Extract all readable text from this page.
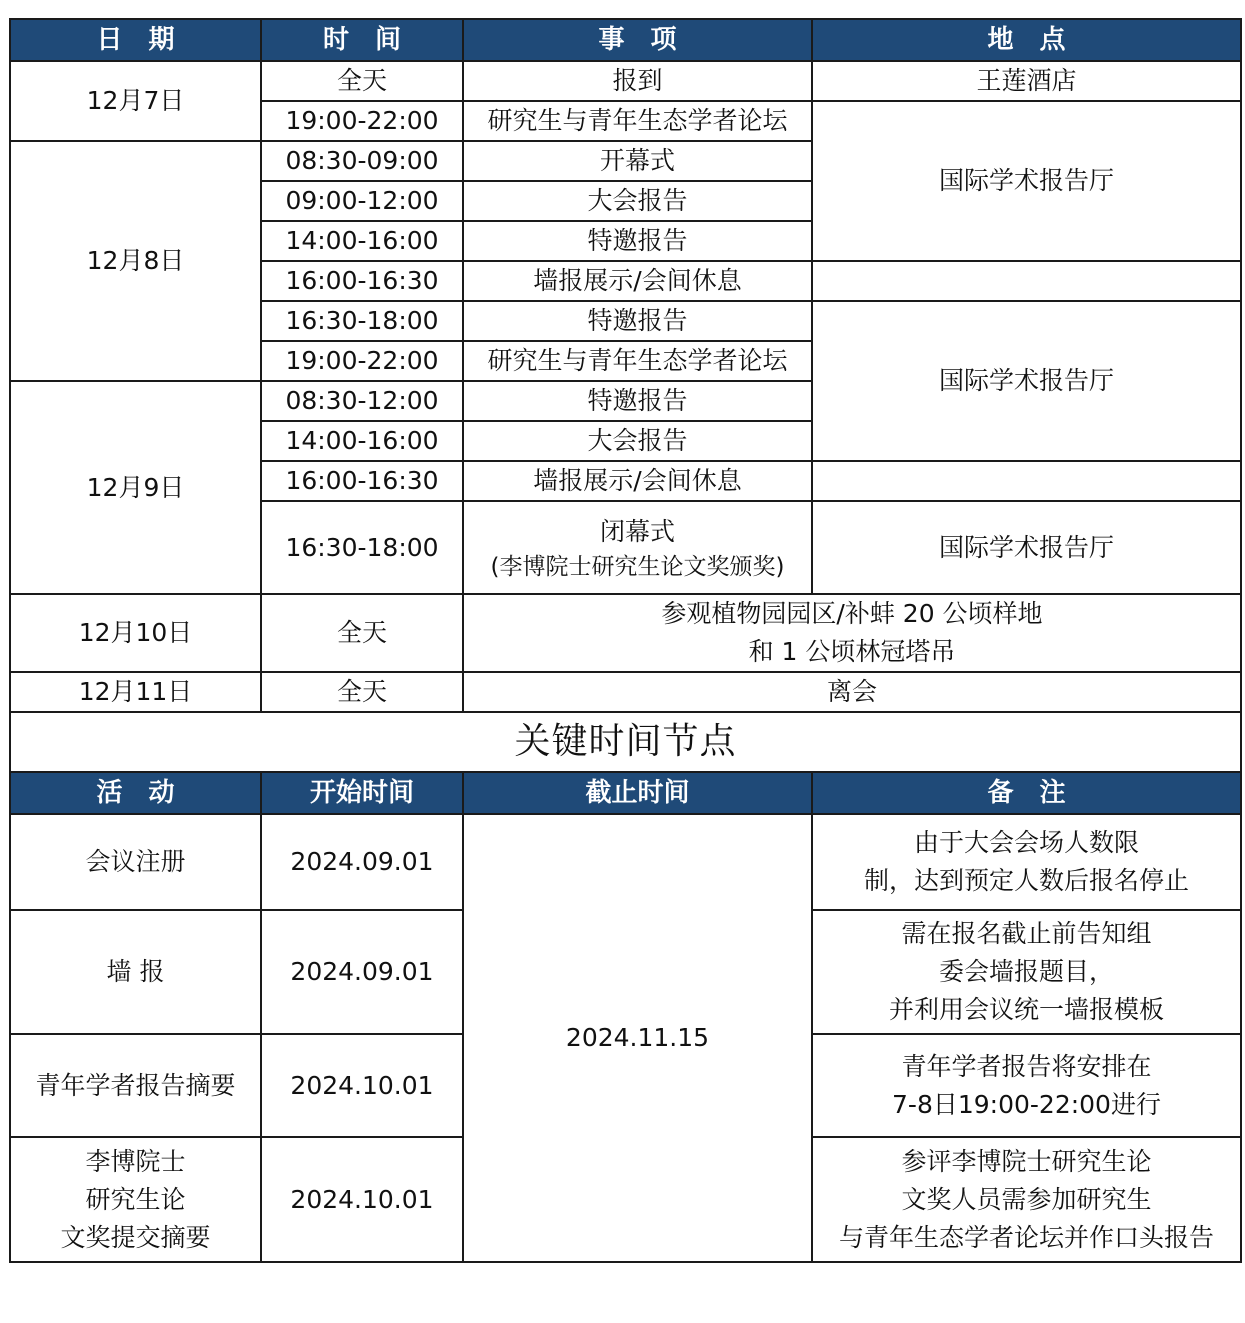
日　期	时　间	事　项	地　点
12月7日	全天	报到	王莲酒店
	19:00-22:00	研究生与青年生态学者论坛	国际学术报告厅
12月8日	08:30-09:00	开幕式	
	09:00-12:00	大会报告	
	14:00-16:00	特邀报告	
	16:00-16:30	墙报展示/会间休息	
	16:30-18:00	特邀报告	国际学术报告厅
	19:00-22:00	研究生与青年生态学者论坛	
12月9日	08:30-12:00	特邀报告	
	14:00-16:00	大会报告	
	16:00-16:30	墙报展示/会间休息	
	16:30-18:00	闭幕式
(李博院士研究生论文奖颁奖)	国际学术报告厅
12月10日	全天	参观植物园园区/补蚌 20 公顷样地
和 1 公顷林冠塔吊	

12月11日	全天	离会	
关键时间节点			
活　动	开始时间	截止时间	备　注

会议注册	2024.09.01	2024.11.15	由于大会会场人数限
制，达到预定人数后报名停止

墙 报	2024.09.01		需在报名截止前告知组
委会墙报题目，
并利用会议统一墙报模板

青年学者报告摘要	2024.10.01		青年学者报告将安排在
7-8日19:00-22:00进行

李博院士
研究生论
文奖提交摘要	2024.10.01		参评李博院士研究生论
文奖人员需参加研究生
与青年生态学者论坛并作口头报告
